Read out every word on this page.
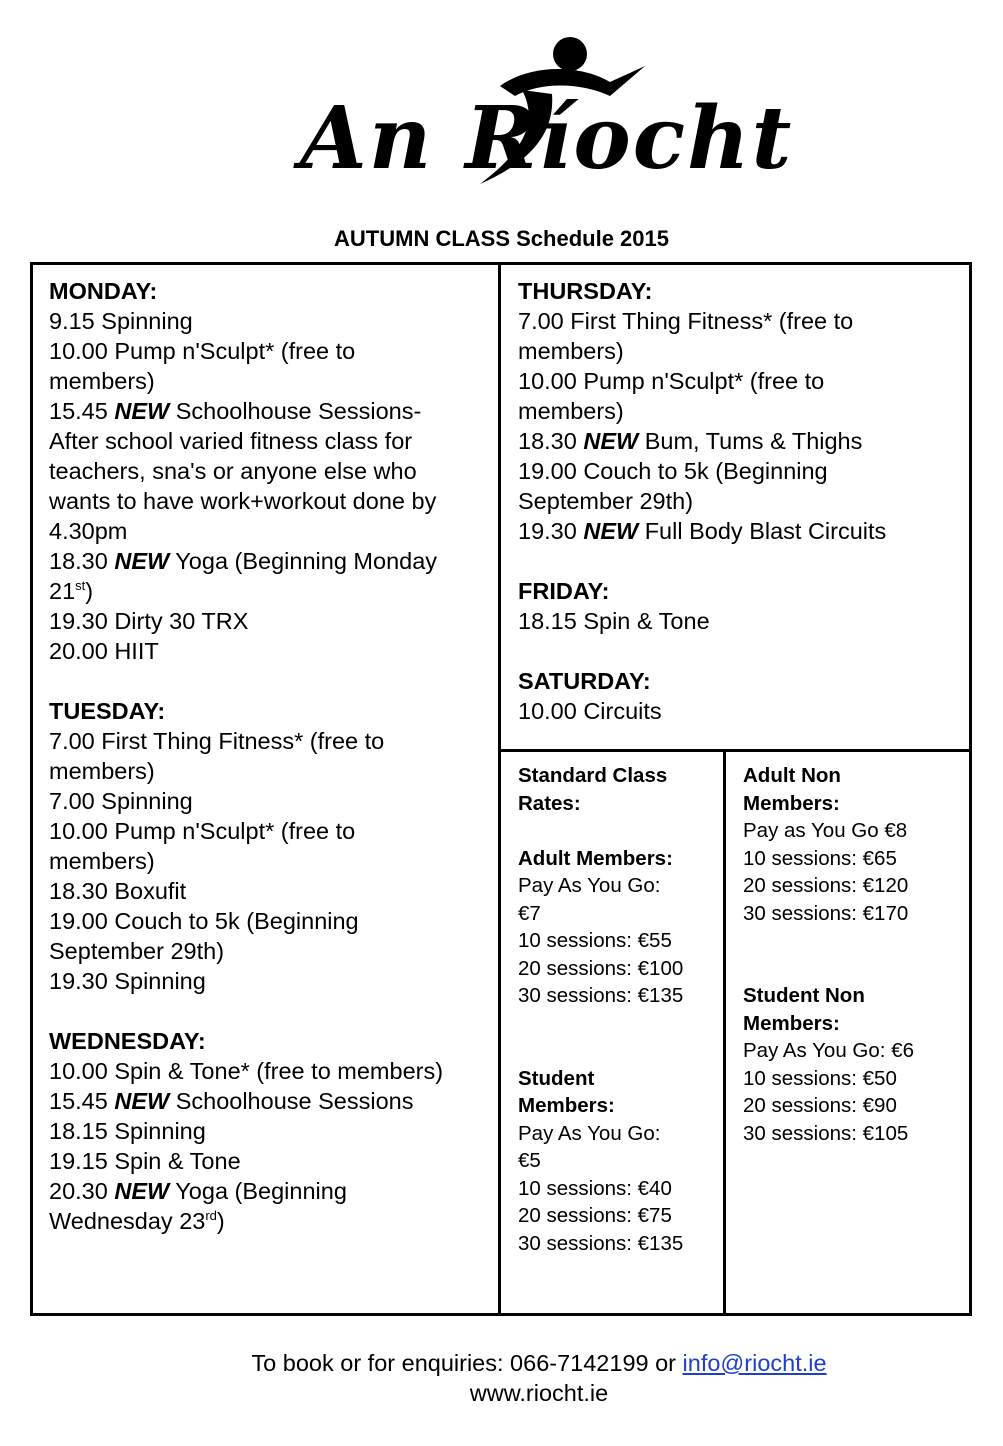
An Ríocht
AUTUMN CLASS Schedule 2015
MONDAY:
9.15 Spinning
10.00 Pump n'Sculpt* (free to
members)
15.45 NEW Schoolhouse Sessions-
After school varied fitness class for
teachers, sna's or anyone else who
wants to have work+workout done by
4.30pm
18.30 NEW Yoga (Beginning Monday
21st)
19.30 Dirty 30 TRX
20.00 HIIT
TUESDAY:
7.00 First Thing Fitness* (free to
members)
7.00 Spinning
10.00 Pump n'Sculpt* (free to
members)
18.30 Boxufit
19.00 Couch to 5k (Beginning
September 29th)
19.30 Spinning
WEDNESDAY:
10.00 Spin & Tone* (free to members)
15.45 NEW Schoolhouse Sessions
18.15 Spinning
19.15 Spin & Tone
20.30 NEW Yoga (Beginning
Wednesday 23rd)
THURSDAY:
7.00 First Thing Fitness* (free to
members)
10.00 Pump n'Sculpt* (free to
members)
18.30 NEW Bum, Tums & Thighs
19.00 Couch to 5k (Beginning
September 29th)
19.30 NEW Full Body Blast Circuits
FRIDAY:
18.15 Spin & Tone
SATURDAY:
10.00 Circuits
Standard Class
Rates:
Adult Members:
Pay As You Go:
€7
10 sessions: €55
20 sessions: €100
30 sessions: €135
Student
Members:
Pay As You Go:
€5
10 sessions: €40
20 sessions: €75
30 sessions: €135
Adult Non
Members:
Pay as You Go €8
10 sessions: €65
20 sessions: €120
30 sessions: €170
Student Non
Members:
Pay As You Go: €6
10 sessions: €50
20 sessions: €90
30 sessions: €105
To book or for enquiries: 066-7142199 or info@riocht.ie
www.riocht.ie
